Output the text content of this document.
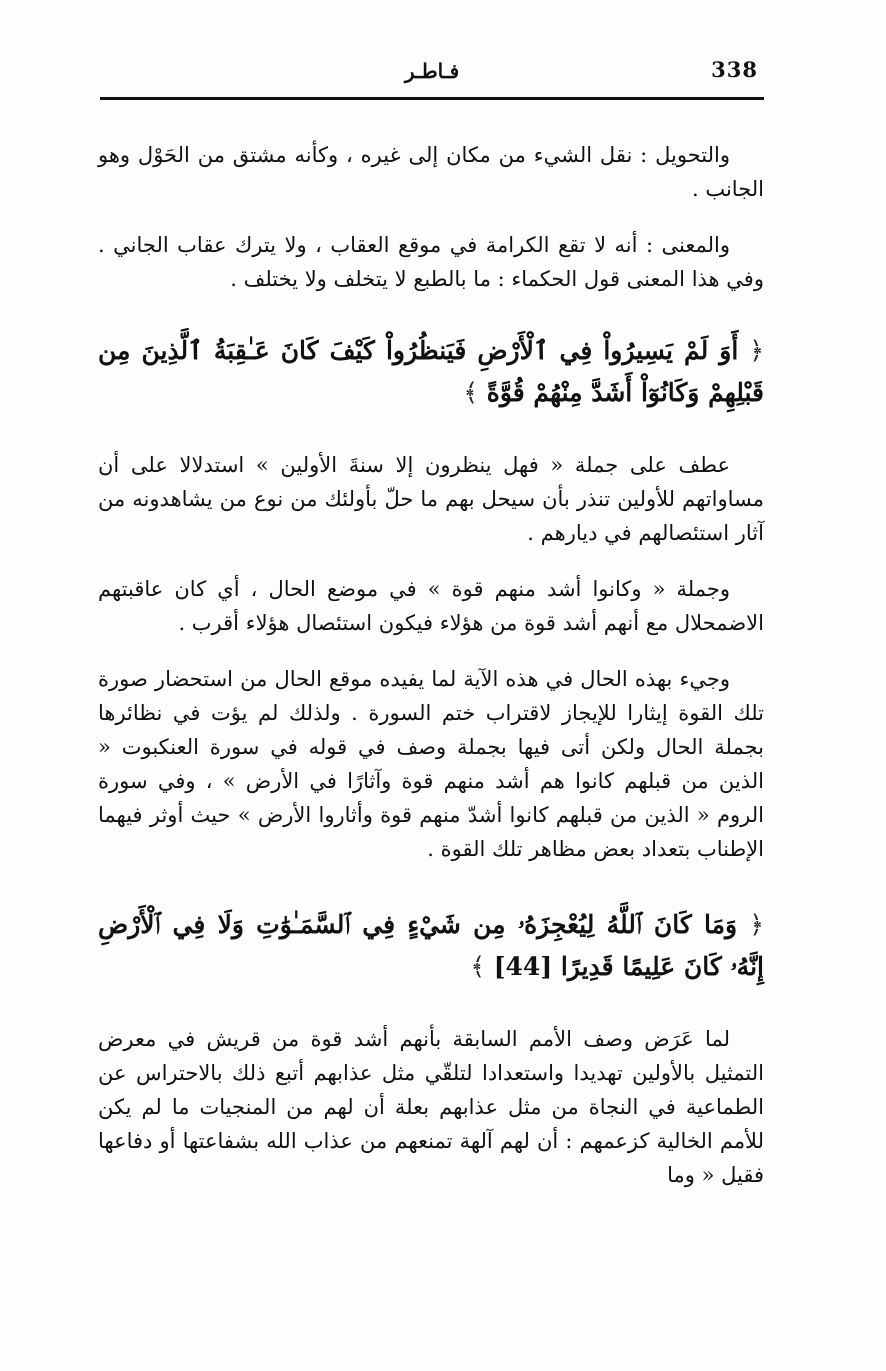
338
فـاطـر

والتحويل : نقل الشيء من مكان إلى غيره ، وكأنه مشتق من الحَوْل وهو الجانب .

والمعنى : أنه لا تقع الكرامة في موقع العقاب ، ولا يترك عقاب الجاني . وفي هذا المعنى قول الحكماء : ما بالطبع لا يتخلف ولا يختلف .

﴿ أَوَ لَمْ يَسِيرُواْ فِي ٱلْأَرْضِ فَيَنظُرُواْ كَيْفَ كَانَ عَـٰقِبَةُ ٱلَّذِينَ مِن قَبْلِهِمْ وَكَانُوٓاْ أَشَدَّ مِنْهُمْ قُوَّةً ﴾

عطف على جملة « فهل ينظرون إلا سنةَ الأولين » استدلالا على أن مساواتهم للأولين تنذر بأن سيحل بهم ما حلّ بأولئك من نوع من يشاهدونه من آثار استئصالهم في ديارهم .

وجملة « وكانوا أشد منهم قوة » في موضع الحال ، أي كان عاقبتهم الاضمحلال مع أنهم أشد قوة من هؤلاء فيكون استئصال هؤلاء أقرب .

وجيء بهذه الحال في هذه الآية لما يفيده موقع الحال من استحضار صورة تلك القوة إيثارا للإيجاز لاقتراب ختم السورة . ولذلك لم يؤت في نظائرها بجملة الحال ولكن أتى فيها بجملة وصف في قوله في سورة العنكبوت « الذين من قبلهم كانوا هم أشد منهم قوة وآثارًا في الأرض » ، وفي سورة الروم « الذين من قبلهم كانوا أشدّ منهم قوة وأثاروا الأرض » حيث أوثر فيهما الإطناب بتعداد بعض مظاهر تلك القوة .

﴿ وَمَا كَانَ ٱللَّهُ لِيُعْجِزَهُۥ مِن شَيْءٍ فِي ٱلسَّمَـٰوَٰتِ وَلَا فِي ٱلْأَرْضِ إِنَّهُۥ كَانَ عَلِيمًا قَدِيرًا [44] ﴾

لما عَرَض وصف الأمم السابقة بأنهم أشد قوة من قريش في معرض التمثيل بالأولين تهديدا واستعدادا لتلقّي مثل عذابهم أتبع ذلك بالاحتراس عن الطماعية في النجاة من مثل عذابهم بعلة أن لهم من المنجيات ما لم يكن للأمم الخالية كزعمهم : أن لهم آلهة تمنعهم من عذاب الله بشفاعتها أو دفاعها فقيل « وما
